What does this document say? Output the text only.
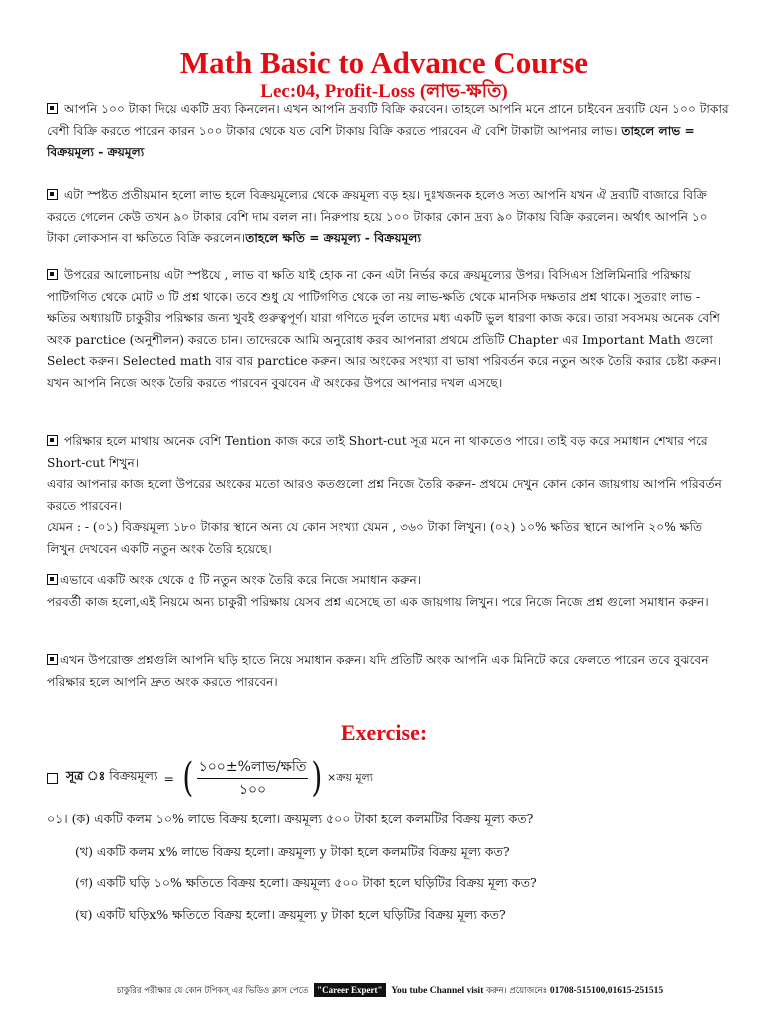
Math Basic to Advance Course
Lec:04, Profit-Loss (লাভ-ক্ষতি)

আপনি ১০০ টাকা দিয়ে একটি দ্রব্য কিনলেন। এখন আপনি দ্রব্যটি বিক্রি করবেন। তাহলে আপনি মনে প্রানে চাইবেন দ্রব্যটি যেন ১০০ টাকার বেশী বিক্রি করতে পারেন কারন ১০০ টাকার থেকে যত বেশি টাকায় বিক্রি করতে পারবেন ঐ বেশি টাকাটা আপনার লাভ। তাহলে লাভ = বিক্রয়মূল্য - ক্রয়মূল্য

এটা স্পষ্টত প্রতীয়মান হলো লাভ হলে বিক্রয়মূল্যের থেকে ক্রয়মূল্য বড় হয়। দুঃখজনক হলেও সত্য আপনি যখন ঐ দ্রব্যটি বাজারে বিক্রি করতে গেলেন কেউ তখন ৯০ টাকার বেশি দাম বলল না। নিরুপায় হয়ে ১০০ টাকার কোন দ্রব্য ৯০ টাকায় বিক্রি করলেন। অর্থাৎ আপনি ১০ টাকা লোকসান বা ক্ষতিতে বিক্রি করলেন।তাহলে ক্ষতি = ক্রয়মূল্য - বিক্রয়মূল্য

উপরের আলোচনায় এটা স্পষ্টযে , লাভ বা ক্ষতি যাই হোক না কেন এটা নির্ভর করে ক্রয়মূল্যের উপর। বিসিএস প্রিলিমিনারি পরিক্ষায় পাটিগণিত থেকে মোট ৩ টি প্রশ্ন থাকে। তবে শুধু যে পাটিগণিত থেকে তা নয় লাভ-ক্ষতি থেকে মানসিক দক্ষতার প্রশ্ন থাকে। সুতরাং লাভ - ক্ষতির অধ্যায়টি চাকুরীর পরিক্ষার জন্য খুবই গুরুত্বপূর্ণ। যারা গণিতে দুর্বল তাদের মধ্য একটি ভুল ধারণা কাজ করে। তারা সবসময় অনেক বেশি অংক parctice (অনুশীলন) করতে চান। তাদেরকে আমি অনুরোধ করব আপনারা প্রথমে প্রতিটি Chapter এর Important Math গুলো Select করুন। Selected math বার বার parctice করুন। আর অংকের সংখ্যা বা ভাষা পরিবর্তন করে নতুন অংক তৈরি করার চেষ্টা করুন। যখন আপনি নিজে অংক তৈরি করতে পারবেন বুঝবেন ঐ অংকের উপরে আপনার দখল এসছে।

পরিক্ষার হলে মাথায় অনেক বেশি Tention কাজ করে তাই Short-cut সূত্র মনে না থাকতেও পারে। তাই বড় করে সমাধান শেখার পরে Short-cut শিখুন।
এবার আপনার কাজ হলো উপরের অংকের মতো আরও কতগুলো প্রশ্ন নিজে তৈরি করুন- প্রথমে দেখুন কোন কোন জায়গায় আপনি পরিবর্তন করতে পারবেন।
যেমন : - (০১) বিক্রয়মূল্য ১৮০ টাকার স্থানে অন্য যে কোন সংখ্যা যেমন , ৩৬০ টাকা লিখুন। (০২) ১০% ক্ষতির স্থানে আপনি ২০% ক্ষতি লিখুন দেখবেন একটি নতুন অংক তৈরি হয়েছে।

এভাবে একটি অংক থেকে ৫ টি নতুন অংক তৈরি করে নিজে সমাধান করুন।
পরবর্তী কাজ হলো,এই নিয়মে অন্য চাকুরী পরিক্ষায় যেসব প্রশ্ন এসেছে তা এক জায়গায় লিখুন। পরে নিজে নিজে প্রশ্ন গুলো সমাধান করুন।

এখন উপরোক্ত প্রশ্নগুলি আপনি ঘড়ি হাতে নিয়ে সমাধান করুন। যদি প্রতিটি অংক আপনি এক মিনিটে করে ফেলতে পারেন তবে বুঝবেন পরিক্ষার হলে আপনি দ্রুত অংক করতে পারবেন।

Exercise:
সূত্র ঃ বিক্রয়মূল্য = ( $\frac{\text{১০০±\%লাভ/ক্ষতি}}{১০০}$ ) ×ক্রয় মূল্য

০১। (ক) একটি কলম ১০% লাভে বিক্রয় হলো। ক্রয়মূল্য ৫০০ টাকা হলে কলমটির বিক্রয় মূল্য কত?

(খ) একটি কলম x% লাভে বিক্রয় হলো। ক্রয়মূল্য y টাকা হলে কলমটির বিক্রয় মূল্য কত?

(গ) একটি ঘড়ি ১০% ক্ষতিতে বিক্রয় হলো। ক্রয়মূল্য ৫০০ টাকা হলে ঘড়িটির বিক্রয় মূল্য কত?

(ঘ) একটি ঘড়িx% ক্ষতিতে বিক্রয় হলো। ক্রয়মূল্য y টাকা হলে ঘড়িটির বিক্রয় মূল্য কত?

চাকুরির পরীক্ষার যে কোন টপিকস্ এর ভিডিও ক্লাস পেতে "Career Expert" You tube Channel visit করুন। প্রয়োজনেঃ 01708-515100,01615-251515
